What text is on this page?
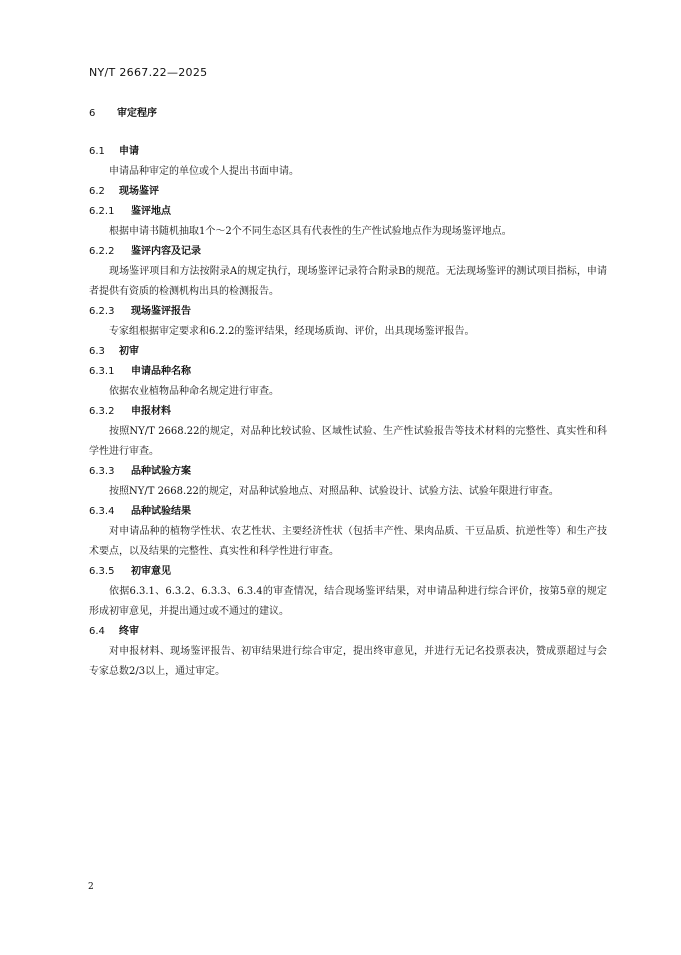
NY/T 2667.22—2025
6 审定程序
6.1 申请
申请品种审定的单位或个人提出书面申请。
6.2 现场鉴评
6.2.1 鉴评地点
根据申请书随机抽取1个～2个不同生态区具有代表性的生产性试验地点作为现场鉴评地点。
6.2.2 鉴评内容及记录
现场鉴评项目和方法按附录A的规定执行，现场鉴评记录符合附录B的规范。无法现场鉴评的测试项目指标，申请者提供有资质的检测机构出具的检测报告。
6.2.3 现场鉴评报告
专家组根据审定要求和6.2.2的鉴评结果，经现场质询、评价，出具现场鉴评报告。
6.3 初审
6.3.1 申请品种名称
依据农业植物品种命名规定进行审查。
6.3.2 申报材料
按照NY/T 2668.22的规定，对品种比较试验、区域性试验、生产性试验报告等技术材料的完整性、真实性和科学性进行审查。
6.3.3 品种试验方案
按照NY/T 2668.22的规定，对品种试验地点、对照品种、试验设计、试验方法、试验年限进行审查。
6.3.4 品种试验结果
对申请品种的植物学性状、农艺性状、主要经济性状（包括丰产性、果肉品质、干豆品质、抗逆性等）和生产技术要点，以及结果的完整性、真实性和科学性进行审查。
6.3.5 初审意见
依据6.3.1、6.3.2、6.3.3、6.3.4的审查情况，结合现场鉴评结果，对申请品种进行综合评价，按第5章的规定形成初审意见，并提出通过或不通过的建议。
6.4 终审
对申报材料、现场鉴评报告、初审结果进行综合审定，提出终审意见，并进行无记名投票表决，赞成票超过与会专家总数2/3以上，通过审定。
2
